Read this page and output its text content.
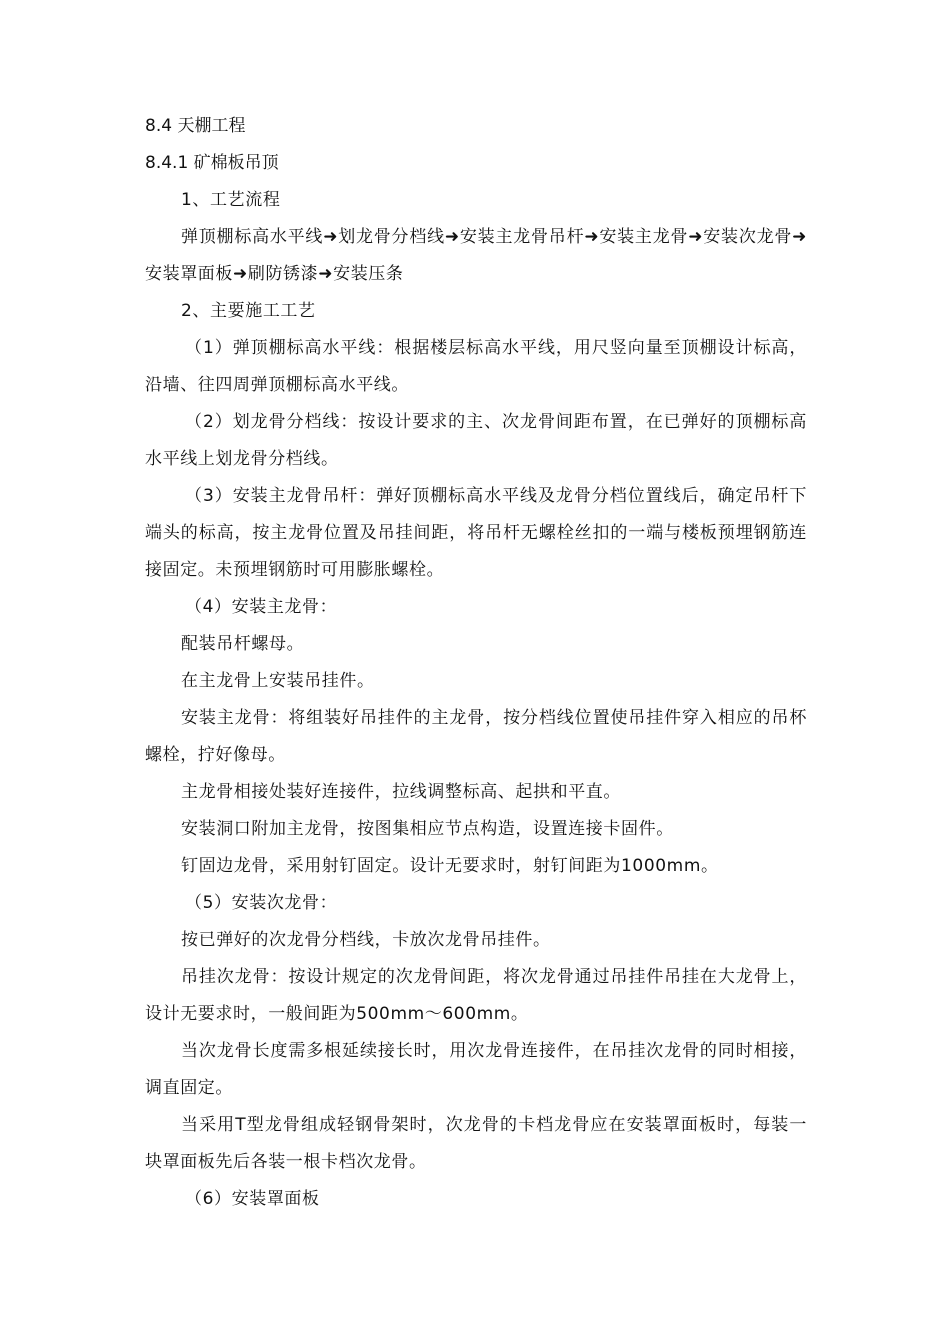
8.4 天棚工程

8.4.1 矿棉板吊顶

1、工艺流程

弹顶棚标高水平线➜划龙骨分档线➜安装主龙骨吊杆➜安装主龙骨➜安装次龙骨➜安装罩面板➜刷防锈漆➜安装压条

2、主要施工工艺

（1）弹顶棚标高水平线：根据楼层标高水平线，用尺竖向量至顶棚设计标高，沿墙、往四周弹顶棚标高水平线。

（2）划龙骨分档线：按设计要求的主、次龙骨间距布置，在已弹好的顶棚标高水平线上划龙骨分档线。

（3）安装主龙骨吊杆：弹好顶棚标高水平线及龙骨分档位置线后，确定吊杆下端头的标高，按主龙骨位置及吊挂间距，将吊杆无螺栓丝扣的一端与楼板预埋钢筋连接固定。未预埋钢筋时可用膨胀螺栓。

（4）安装主龙骨：

配装吊杆螺母。

在主龙骨上安装吊挂件。

安装主龙骨：将组装好吊挂件的主龙骨，按分档线位置使吊挂件穿入相应的吊杯螺栓，拧好像母。

主龙骨相接处装好连接件，拉线调整标高、起拱和平直。

安装洞口附加主龙骨，按图集相应节点构造，设置连接卡固件。

钉固边龙骨，采用射钉固定。设计无要求时，射钉间距为1000mm。

（5）安装次龙骨：

按已弹好的次龙骨分档线，卡放次龙骨吊挂件。

吊挂次龙骨：按设计规定的次龙骨间距，将次龙骨通过吊挂件吊挂在大龙骨上，设计无要求时，一般间距为500mm～600mm。

当次龙骨长度需多根延续接长时，用次龙骨连接件，在吊挂次龙骨的同时相接，调直固定。

当采用T型龙骨组成轻钢骨架时，次龙骨的卡档龙骨应在安装罩面板时，每装一块罩面板先后各装一根卡档次龙骨。

（6）安装罩面板
